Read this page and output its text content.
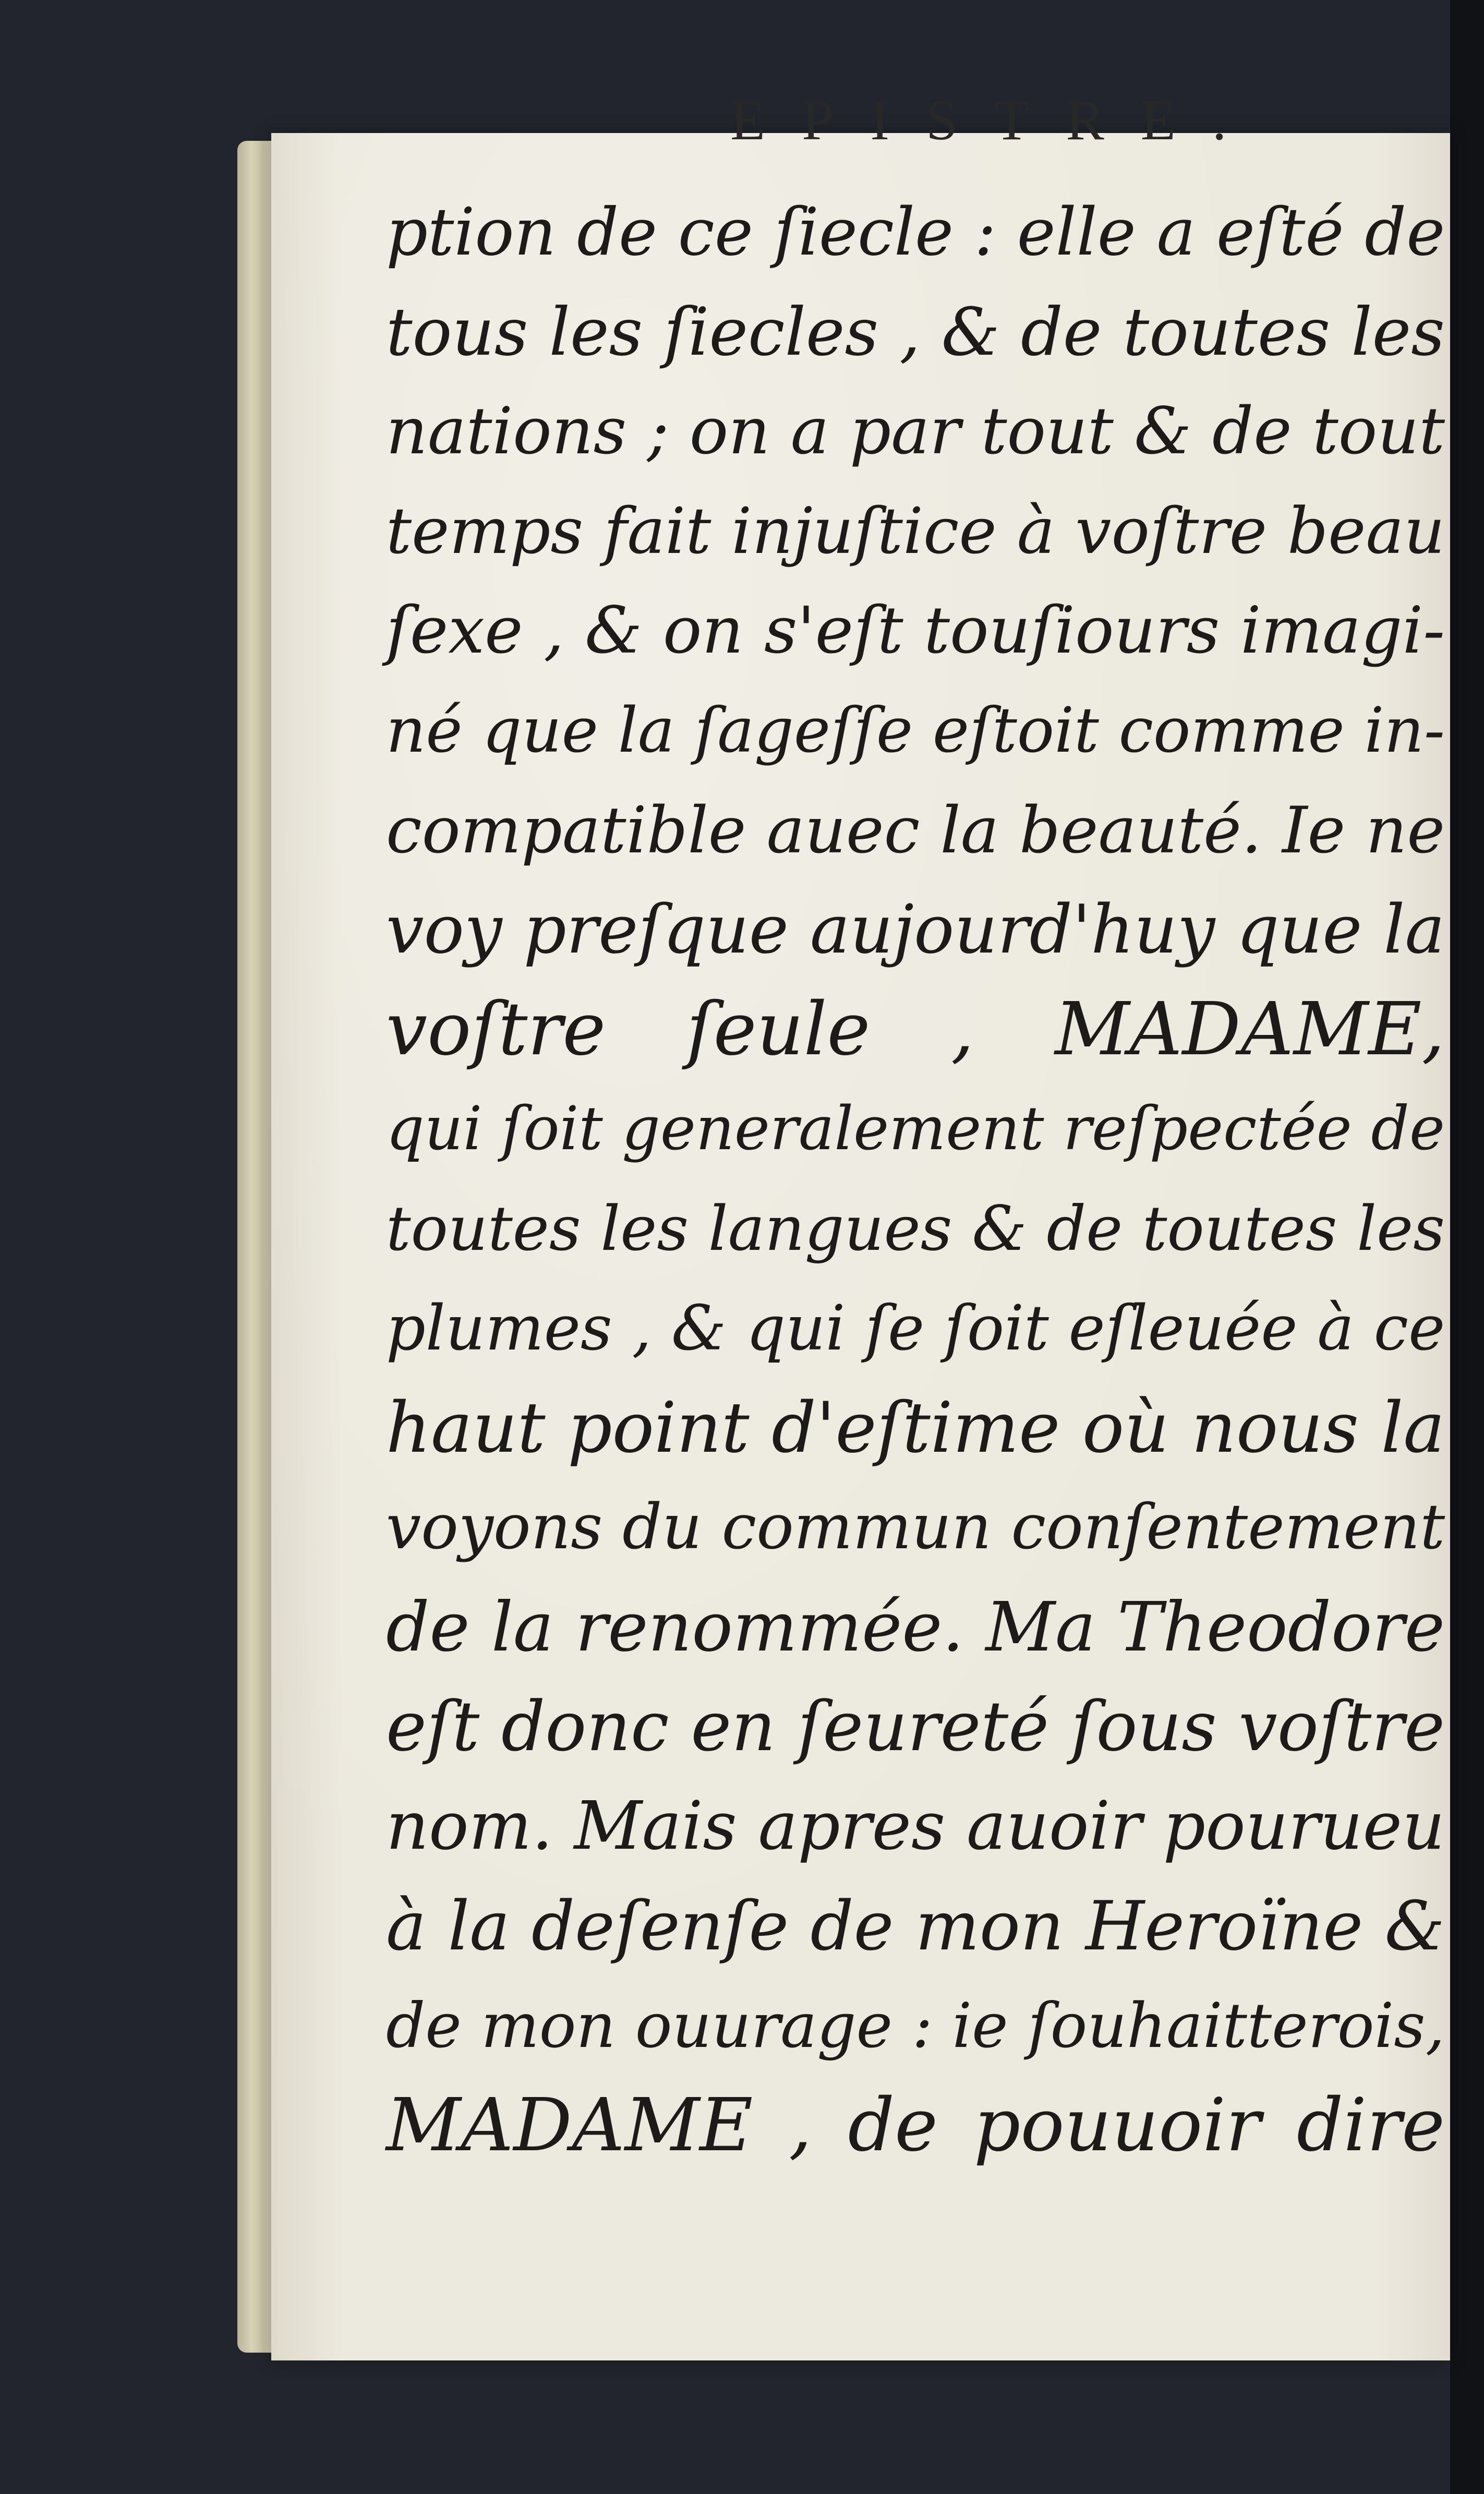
EPISTRE.
ption de ce ſiecle : elle a eſté de
tous les ſiecles , & de toutes les
nations ; on a par tout & de tout
temps fait injuſtice à voſtre beau
ſexe , & on s'eſt touſiours imagi-
né que la ſageſſe eſtoit comme in-
compatible auec la beauté. Ie ne
voy preſque aujourd'huy que la
voſtre ſeule , MADAME,
qui ſoit generalement reſpectée de
toutes les langues & de toutes les
plumes , & qui ſe ſoit eſleuée à ce
haut point d'eſtime où nous la
voyons du commun conſentement
de la renommée. Ma Theodore
eſt donc en ſeureté ſous voſtre
nom. Mais apres auoir pourueu
à la deſenſe de mon Heroïne &
de mon ouurage : ie ſouhaitterois,
MADAME , de pouuoir dire
